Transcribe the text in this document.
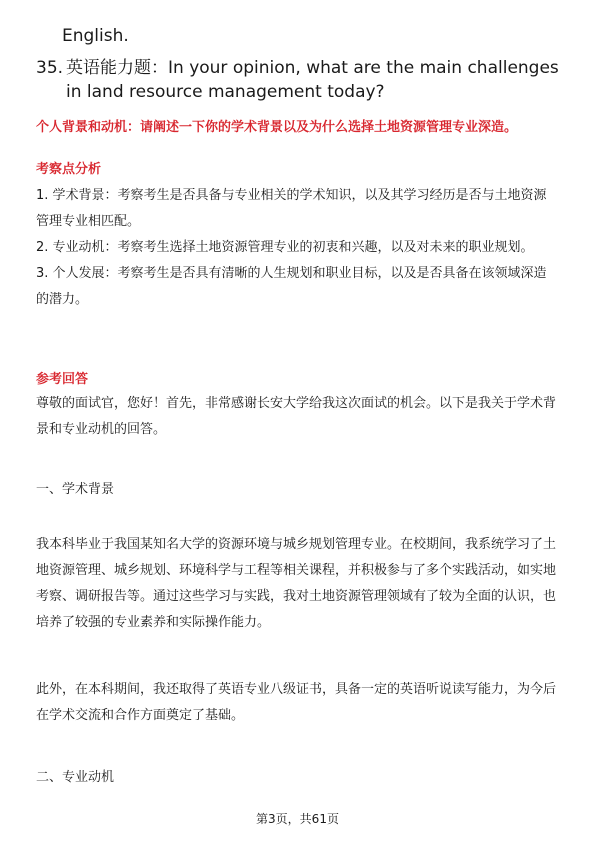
English.
35. 英语能力题：In your opinion, what are the main challenges in land resource management today?
个人背景和动机：请阐述一下你的学术背景以及为什么选择土地资源管理专业深造。
考察点分析

1. 学术背景：考察考生是否具备与专业相关的学术知识，以及其学习经历是否与土地资源管理专业相匹配。

2. 专业动机：考察考生选择土地资源管理专业的初衷和兴趣，以及对未来的职业规划。

3. 个人发展：考察考生是否具有清晰的人生规划和职业目标，以及是否具备在该领域深造的潜力。

参考回答
尊敬的面试官，您好！首先，非常感谢长安大学给我这次面试的机会。以下是我关于学术背景和专业动机的回答。
一、学术背景
我本科毕业于我国某知名大学的资源环境与城乡规划管理专业。在校期间，我系统学习了土地资源管理、城乡规划、环境科学与工程等相关课程，并积极参与了多个实践活动，如实地考察、调研报告等。通过这些学习与实践，我对土地资源管理领域有了较为全面的认识，也培养了较强的专业素养和实际操作能力。
此外，在本科期间，我还取得了英语专业八级证书，具备一定的英语听说读写能力，为今后在学术交流和合作方面奠定了基础。
二、专业动机
第3页，共61页
